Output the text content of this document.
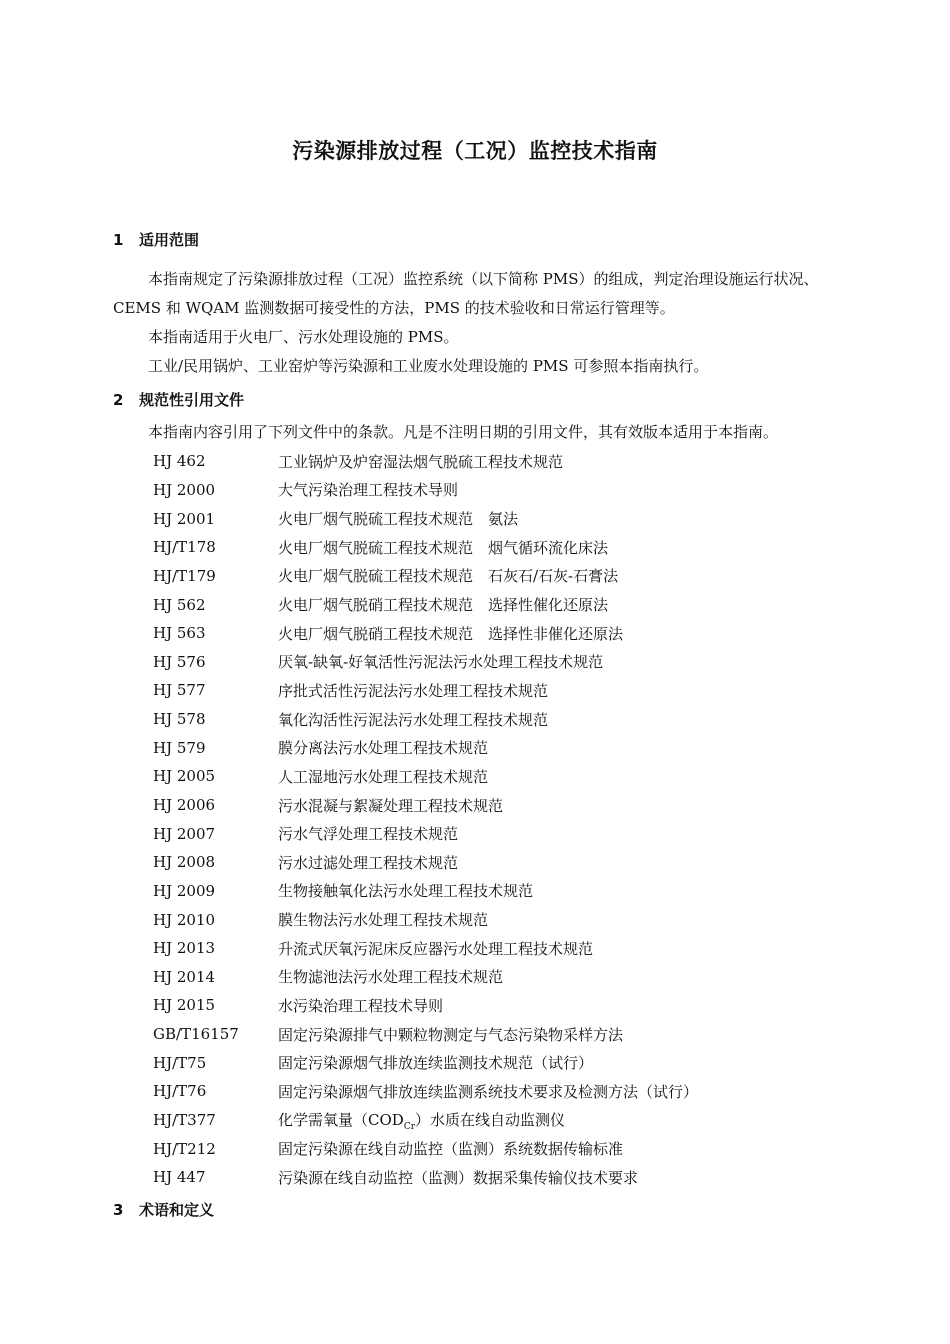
污染源排放过程（工况）监控技术指南
1 适用范围

本指南规定了污染源排放过程（工况）监控系统（以下简称 PMS）的组成，判定治理设施运行状况、CEMS 和 WQAM 监测数据可接受性的方法，PMS 的技术验收和日常运行管理等。

本指南适用于火电厂、污水处理设施的 PMS。

工业/民用锅炉、工业窑炉等污染源和工业废水处理设施的 PMS 可参照本指南执行。

2 规范性引用文件

本指南内容引用了下列文件中的条款。凡是不注明日期的引用文件，其有效版本适用于本指南。

HJ 462	工业锅炉及炉窑湿法烟气脱硫工程技术规范
HJ 2000	大气污染治理工程技术导则
HJ 2001	火电厂烟气脱硫工程技术规范　氨法
HJ/T178	火电厂烟气脱硫工程技术规范　烟气循环流化床法
HJ/T179	火电厂烟气脱硫工程技术规范　石灰石/石灰-石膏法
HJ 562	火电厂烟气脱硝工程技术规范　选择性催化还原法
HJ 563	火电厂烟气脱硝工程技术规范　选择性非催化还原法
HJ 576	厌氧-缺氧-好氧活性污泥法污水处理工程技术规范
HJ 577	序批式活性污泥法污水处理工程技术规范
HJ 578	氧化沟活性污泥法污水处理工程技术规范
HJ 579	膜分离法污水处理工程技术规范
HJ 2005	人工湿地污水处理工程技术规范
HJ 2006	污水混凝与絮凝处理工程技术规范
HJ 2007	污水气浮处理工程技术规范
HJ 2008	污水过滤处理工程技术规范
HJ 2009	生物接触氧化法污水处理工程技术规范
HJ 2010	膜生物法污水处理工程技术规范
HJ 2013	升流式厌氧污泥床反应器污水处理工程技术规范
HJ 2014	生物滤池法污水处理工程技术规范
HJ 2015	水污染治理工程技术导则
GB/T16157	固定污染源排气中颗粒物测定与气态污染物采样方法
HJ/T75	固定污染源烟气排放连续监测技术规范（试行）
HJ/T76	固定污染源烟气排放连续监测系统技术要求及检测方法（试行）
HJ/T377	化学需氧量$(COD_{Cr})$水质在线自动监测仪
HJ/T212	固定污染源在线自动监控（监测）系统数据传输标准
HJ 447	污染源在线自动监控（监测）数据采集传输仪技术要求
3 术语和定义
